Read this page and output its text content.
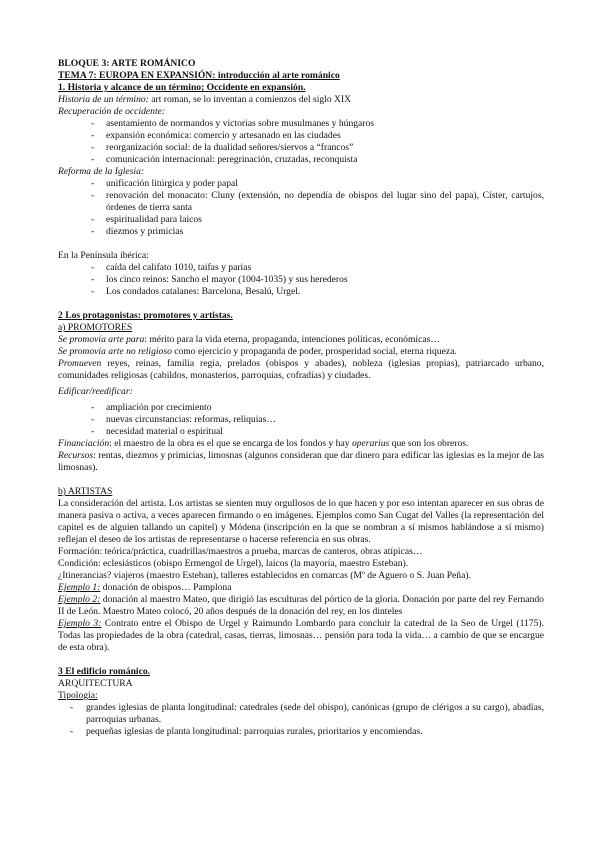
BLOQUE 3: ARTE ROMÁNICO

TEMA 7: EUROPA EN EXPANSIÓN: introducción al arte románico

1. Historia y alcance de un término; Occidente en expansión.

Historia de un término: art roman, se lo inventan a comienzos del siglo XIX

Recuperación de occidente:

- asentamiento de normandos y victorias sobre musulmanes y húngaros
- expansión económica: comercio y artesanado en las ciudades
- reorganización social: de la dualidad señores/siervos a “francos”
- comunicación internacional: peregrinación, cruzadas, reconquista

Reforma de la Iglesia:

- unificación litúrgica y poder papal
- renovación del monacato: Cluny (extensión, no dependía de obispos del lugar sino del papa), Císter, cartujos, órdenes de tierra santa
- espiritualidad para laicos
- diezmos y primicias

En la Península ibérica:

- caída del califato 1010, taifas y parias
- los cinco reinos: Sancho el mayor (1004-1035) y sus herederos
- Los condados catalanes: Barcelona, Besalú, Urgel.

2 Los protagonistas: promotores y artistas.

a) PROMOTORES

Se promovía arte para: mérito para la vida eterna, propaganda, intenciones políticas, económicas…

Se promovía arte no religioso como ejercicio y propaganda de poder, prosperidad social, eterna riqueza.

Promueven reyes, reinas, familia regia, prelados (obispos y abades), nobleza (iglesias propias), patriarcado urbano, comunidades religiosas (cabildos, monasterios, parroquias, cofradías) y ciudades.

Edificar/reedificar:

- ampliación por crecimiento
- nuevas circunstancias: reformas, reliquias…
- necesidad material o espiritual

Financiación: el maestro de la obra es el que se encarga de los fondos y hay operarius que son los obreros.

Recursos: rentas, diezmos y primicias, limosnas (algunos consideran que dar dinero para edificar las iglesias es la mejor de las limosnas).

b) ARTISTAS

La consideración del artista. Los artistas se sienten muy orgullosos de lo que hacen y por eso intentan aparecer en sus obras de manera pasiva o activa, a veces aparecen firmando o en imágenes. Ejemplos como San Cugat del Valles (la representación del capitel es de alguien tallando un capitel) y Módena (inscripción en la que se nombran a sí mismos hablándose a sí mismo) reflejan el deseo de los artistas de representarse o hacerse referencia en sus obras.

Formación: teórica/práctica, cuadrillas/maestros a prueba, marcas de canteros, obras atípicas…

Condición: eclesiásticos (obispo Ermengol de Urgel), laicos (la mayoría, maestro Esteban).

¿Itinerancias? viajeros (maestro Esteban), talleres establecidos en comarcas (Mº de Aguero o S. Juan Peña).

Ejemplo 1: donación de obispos… Pamplona

Ejemplo 2: donación al maestro Mateo, que dirigió las esculturas del pórtico de la gloria. Donación por parte del rey Fernando II de León. Maestro Mateo colocó, 20 años después de la donación del rey, en los dinteles

Ejemplo 3: Contrato entre el Obispo de Urgel y Raimundo Lombardo para concluir la catedral de la Seo de Urgel (1175). Todas las propiedades de la obra (catedral, casas, tierras, limosnas… pensión para toda la vida… a cambio de que se encargue de esta obra).

3 El edificio románico.

ARQUITECTURA

Tipología:

- grandes iglesias de planta longitudinal: catedrales (sede del obispo), canónicas (grupo de clérigos a su cargo), abadías, parroquias urbanas.
- pequeñas iglesias de planta longitudinal: parroquias rurales, prioritarios y encomiendas.
